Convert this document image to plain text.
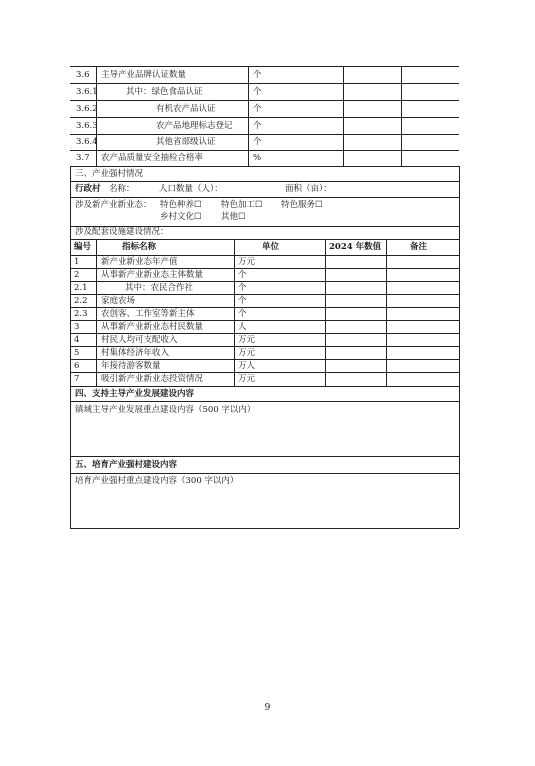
3.6 主导产业品牌认证数量	个
3.6.1	其中：绿色食品认证	个
3.6.2	有机农产品认证	个
3.6.3	农产品地理标志登记 个
3.6.4	其他省部级认证	个
3.7 农产品质量安全抽检合格率	%
三、产业强村情况
行政村 名称：	人口数量（人）：	面积（亩）：
涉及新产业新业态： 特色种养☐ 特色加工☐ 特色服务☐
乡村文化☐ 其他☐
涉及配套设施建设情况：
编号	指标名称	单位	2024 年数值	备注
1	新产业新业态年产值	万元
2	从事新产业新业态主体数量	个
2.1	其中：农民合作社	个
2.2 家庭农场	个
2.3 农创客、工作室等新主体	个
3	从事新产业新业态村民数量	人
4	村民人均可支配收入	万元
5	村集体经济年收入	万元
6	年接待游客数量	万人
7	吸引新产业新业态投资情况	万元
四、支持主导产业发展建设内容
镇域主导产业发展重点建设内容（500 字以内）
五、培育产业强村建设内容
培育产业强村重点建设内容（300 字以内）
9
